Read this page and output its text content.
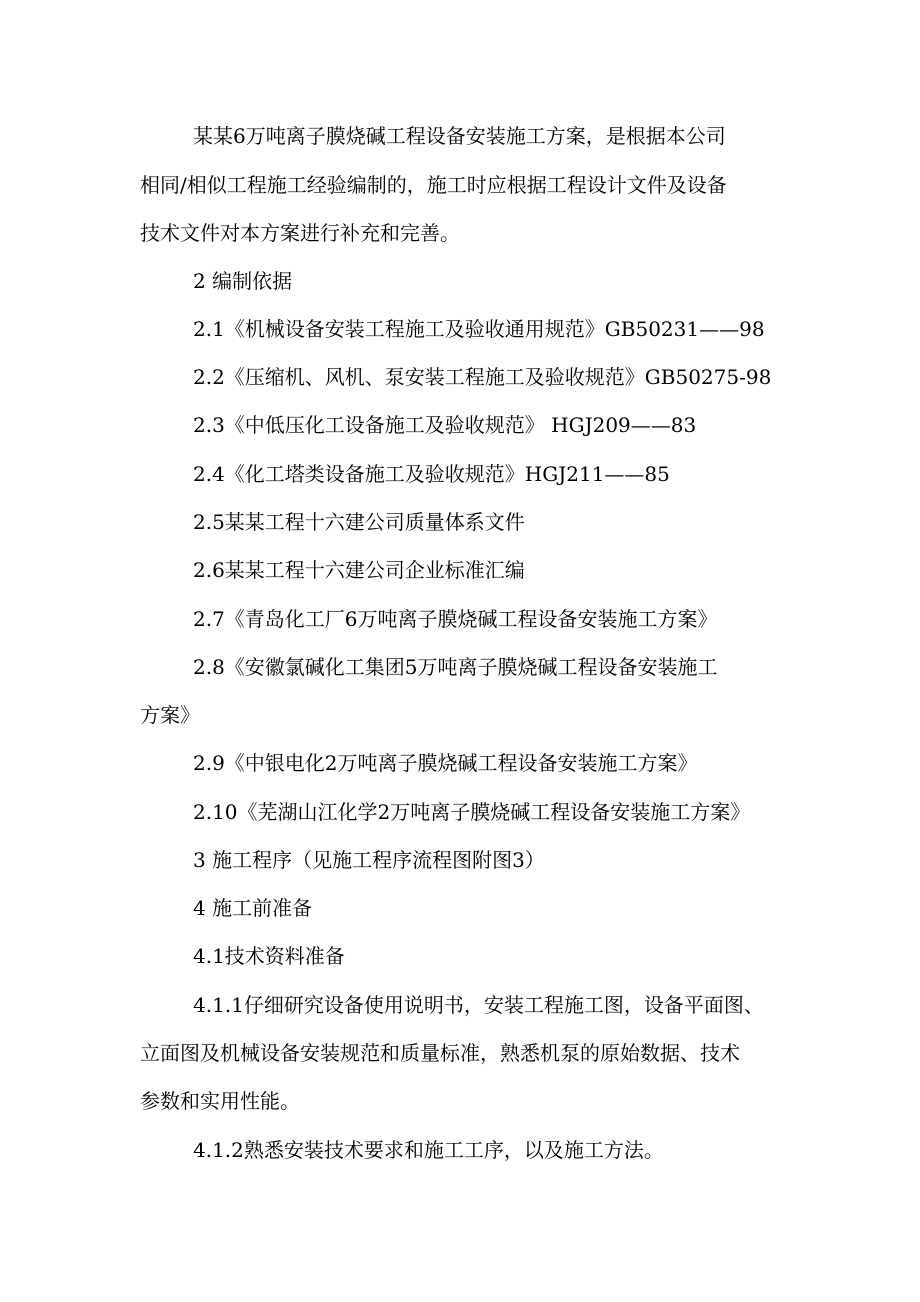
某某6万吨离子膜烧碱工程设备安装施工方案，是根据本公司

相同/相似工程施工经验编制的，施工时应根据工程设计文件及设备

技术文件对本方案进行补充和完善。

2 编制依据

2.1《机械设备安装工程施工及验收通用规范》GB50231——98

2.2《压缩机、风机、泵安装工程施工及验收规范》GB50275-98

2.3《中低压化工设备施工及验收规范》 HGJ209——83

2.4《化工塔类设备施工及验收规范》HGJ211——85

2.5某某工程十六建公司质量体系文件

2.6某某工程十六建公司企业标准汇编

2.7《青岛化工厂6万吨离子膜烧碱工程设备安装施工方案》

2.8《安徽氯碱化工集团5万吨离子膜烧碱工程设备安装施工

方案》

2.9《中银电化2万吨离子膜烧碱工程设备安装施工方案》

2.10《芜湖山江化学2万吨离子膜烧碱工程设备安装施工方案》

3 施工程序（见施工程序流程图附图3）

4 施工前准备

4.1技术资料准备

4.1.1仔细研究设备使用说明书，安装工程施工图，设备平面图、

立面图及机械设备安装规范和质量标准，熟悉机泵的原始数据、技术

参数和实用性能。

4.1.2熟悉安装技术要求和施工工序，以及施工方法。
